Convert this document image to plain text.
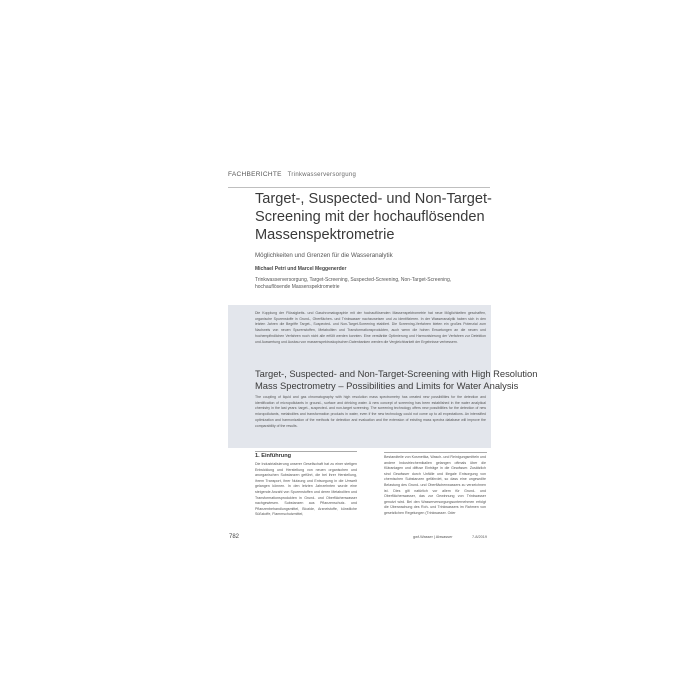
FACHBERICHTE Trinkwasserversorgung
Target-, Suspected- und Non-Target-
Screening mit der hochauflösenden
Massenspektrometrie
Möglichkeiten und Grenzen für die Wasseranalytik
Michael Petri und Marcel Meggenerder
Trinkwasserversorgung, Target-Screening, Suspected-Screening, Non-Target-Screening, hochauflösende Massenspektrometrie
Die Kopplung der Flüssigkeits- und Gaschromatographie mit der hochauflösenden Massenspektrometrie hat neue Möglichkeiten geschaffen, organische Spurenstoffe in Grund-, Oberflächen- und Trinkwasser nachzuweisen und zu identifizieren. In der Wasseranalytik haben sich in den letzten Jahren die Begriffe Target-, Suspected- und Non-Target-Screening etabliert. Die Screening-Verfahren bieten ein großes Potenzial zum Nachweis von neuen Spurenstoffen, Metaboliten und Transformationsprodukten, auch wenn die hohen Erwartungen an die neuen und hochempfindlichen Verfahren noch nicht alle erfüllt werden konnten. Eine verstärkte Optimierung und Harmonisierung der Verfahren zur Detektion und Auswertung und Ausbau von massenspektroskopischen Datenbanken werden die Vergleichbarkeit der Ergebnisse verbessern.
Target-, Suspected- and Non-Target-Screening with High Resolution
Mass Spectrometry – Possibilities and Limits for Water Analysis
The coupling of liquid and gas chromatography with high resolution mass spectrometry has created new possibilities for the detection and identification of micropollutants in ground-, surface and drinking water. A new concept of screening has been established in the water analytical chemistry in the last years: target-, suspected- and non-target screening. The screening technology offers new possibilities for the detection of new micropollutants, metabolites and transformation products in water, even if the new technology could not come up to all expectations. An intensified optimization and harmonization of the methods for detection and evaluation and the extension of existing mass spectra database will improve the comparability of the results.
1. Einführung
Die Industrialisierung unserer Gesellschaft hat zu einer stetigen Entwicklung und Herstellung von neuen organischen und anorganischen Substanzen geführt, die bei ihrer Herstellung, ihrem Transport, ihrer Nutzung und Entsorgung in die Umwelt gelangen können. In den letzten Jahrzehnten wurde eine steigende Anzahl von Spurenstoffen und deren Metaboliten und Transformationsprodukten in Grund- und Oberflächenwasser nachgewiesen. Substanzen aus Pflanzenschutz- und Pflanzenbehandlungsmittel, Biozide, Arzneistoffe, künstliche Süßstoffe, Flammschutzmittel,
Bestandteile von Kosmetika, Wasch- und Reinigungsmitteln und andere Industriechemikalien gelangen oftmals über die Kläranlagen und diffuse Einträge in die Gewässer. Zusätzlich sind Gewässer durch Unfälle und illegale Entsorgung von chemischen Substanzen gefährdet, so dass eine ungewollte Belastung des Grund- und Oberflächenwassers zu verzeichnen ist. Dies gilt natürlich vor allem für Grund- und Oberflächenwasser, das zur Gewinnung von Trinkwasser genutzt wird. Bei den Wasserversorgungsunternehmen erfolgt die Überwachung des Roh- und Trinkwassers im Rahmen von gesetzlichen Regelungen (Trinkwasser. Oder
782	gwf-Wasser | Abwasser	7-8/2019
